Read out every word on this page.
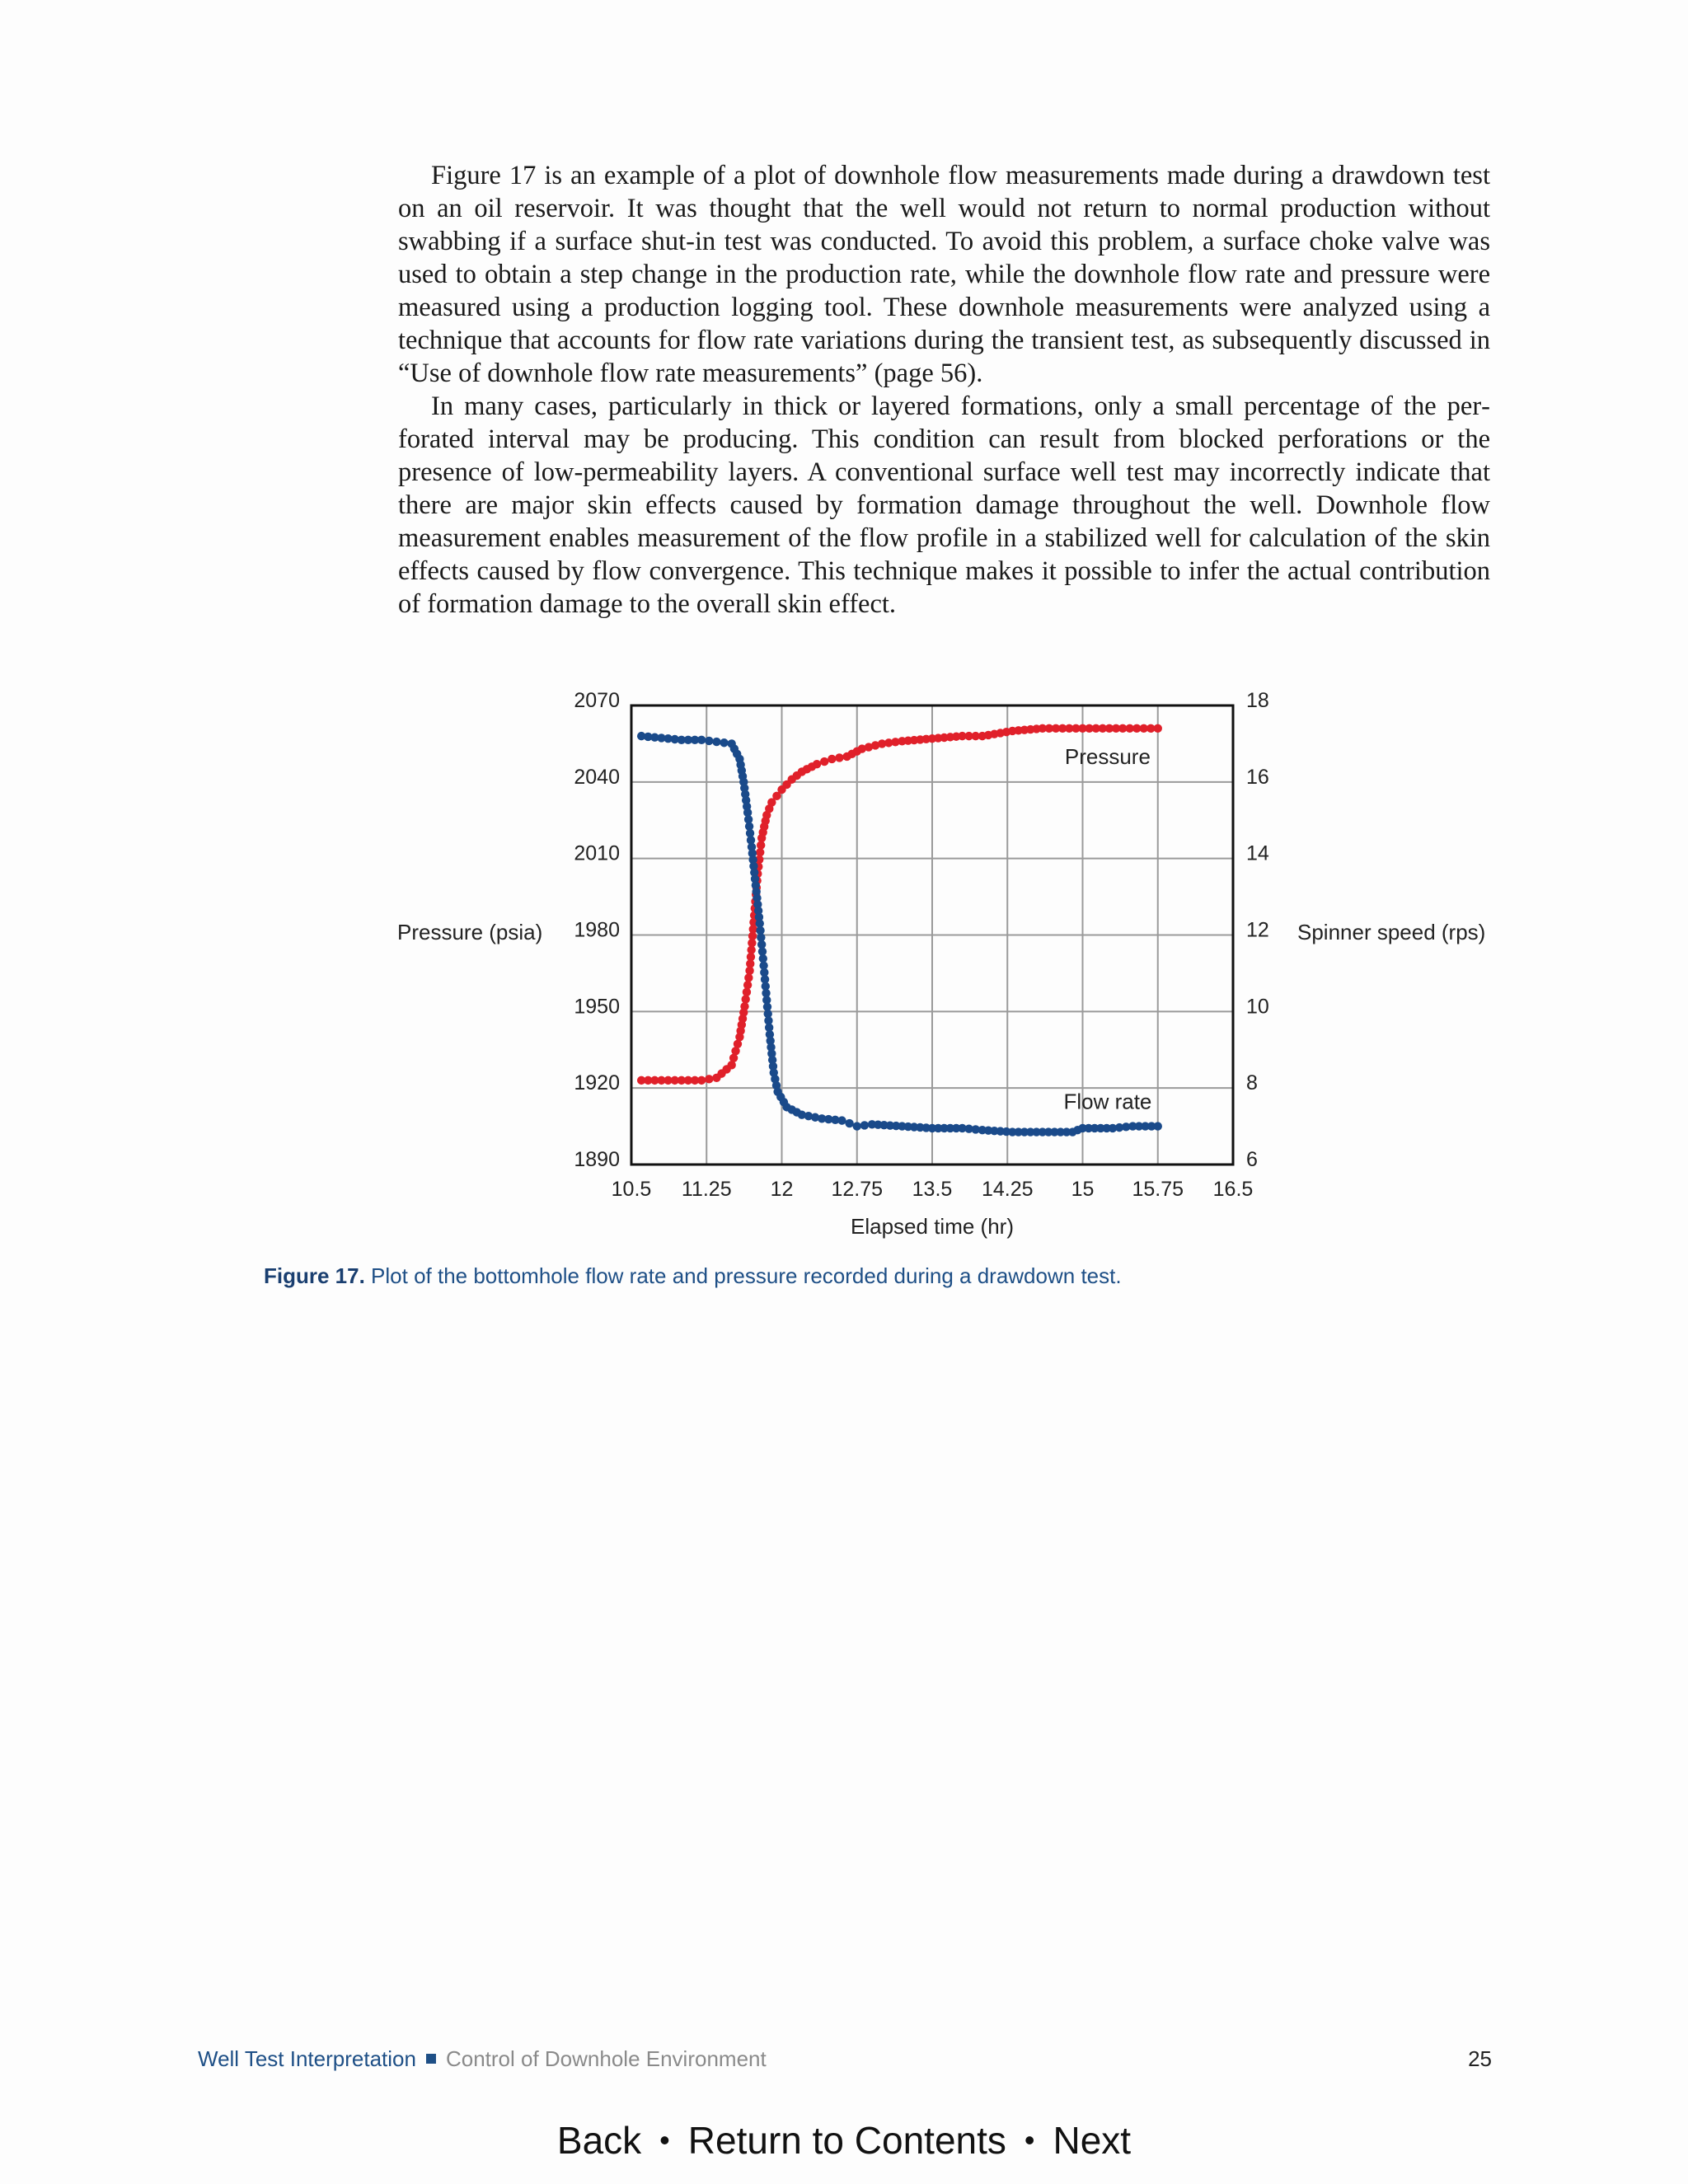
Figure 17 is an example of a plot of downhole flow measurements made during a drawdown test on an oil reservoir. It was thought that the well would not return to normal production without swabbing if a surface shut-in test was conducted. To avoid this problem, a surface choke valve was used to obtain a step change in the production rate, while the downhole flow rate and pressure were measured using a production logging tool. These downhole measurements were analyzed using a technique that accounts for flow rate variations during the transient test, as subsequently discussed in “Use of downhole flow rate measurements” (page 56).

In many cases, particularly in thick or layered formations, only a small percentage of the perforated interval may be producing. This condition can result from blocked perforations or the presence of low-permeability layers. A conventional surface well test may incorrectly indicate that there are major skin effects caused by formation damage throughout the well. Downhole flow measurement enables measurement of the flow profile in a stabilized well for calculation of the skin effects caused by flow convergence. This technique makes it possible to infer the actual contribution of formation damage to the overall skin effect.

10.5 11.25 12 12.75 13.5 14.25 15 15.75 16.5
2070	18
2040	16
2010	14
1980	12
1950	10
1920	8
1890	6
Elapsed time (hr)
Pressure (psia)	Spinner speed (rps)
Pressure
Flow rate
Figure 17. Plot of the bottomhole flow rate and pressure recorded during a drawdown test.
Well Test Interpretation Control of Downhole Environment	25
Back • Return to Contents • Next
